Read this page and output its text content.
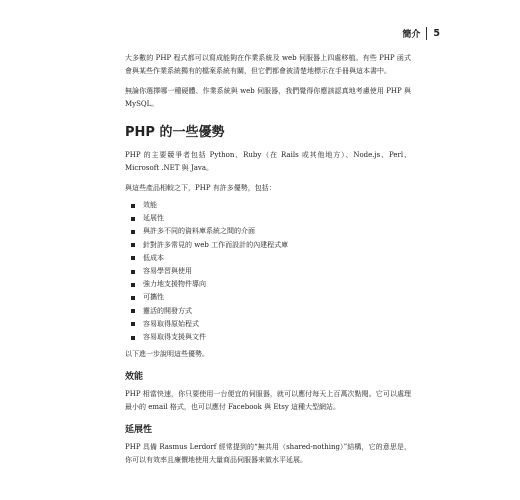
簡介 5

大多數的 PHP 程式都可以寫成能夠在作業系統及 web 伺服器上四處移植。有些 PHP 函式會與某些作業系統獨有的檔案系統有關，但它們都會被清楚地標示在手冊與這本書中。

無論你選擇哪一種硬體、作業系統與 web 伺服器，我們覺得你應該認真地考慮使用 PHP 與 MySQL。

PHP 的一些優勢

PHP 的主要競爭者包括 Python、Ruby（在 Rails 或其他地方）、Node.js、Perl、Microsoft .NET 與 Java。

與這些產品相較之下，PHP 有許多優勢，包括：

效能
延展性
與許多不同的資料庫系統之間的介面
針對許多常見的 web 工作而設計的內建程式庫
低成本
容易學習與使用
強力地支援物件導向
可攜性
靈活的開發方式
容易取得原始程式
容易取得支援與文件

以下進一步說明這些優勢。

效能

PHP 相當快速，你只要使用一台便宜的伺服器，就可以應付每天上百萬次點閱。它可以處理最小的 email 格式，也可以應付 Facebook 與 Etsy 這種大型網站。

延展性

PHP 具備 Rasmus Lerdorf 經常提到的“無共用（shared-nothing）”結構，它的意思是，你可以有效率且廉價地使用大量商品伺服器來做水平延展。
